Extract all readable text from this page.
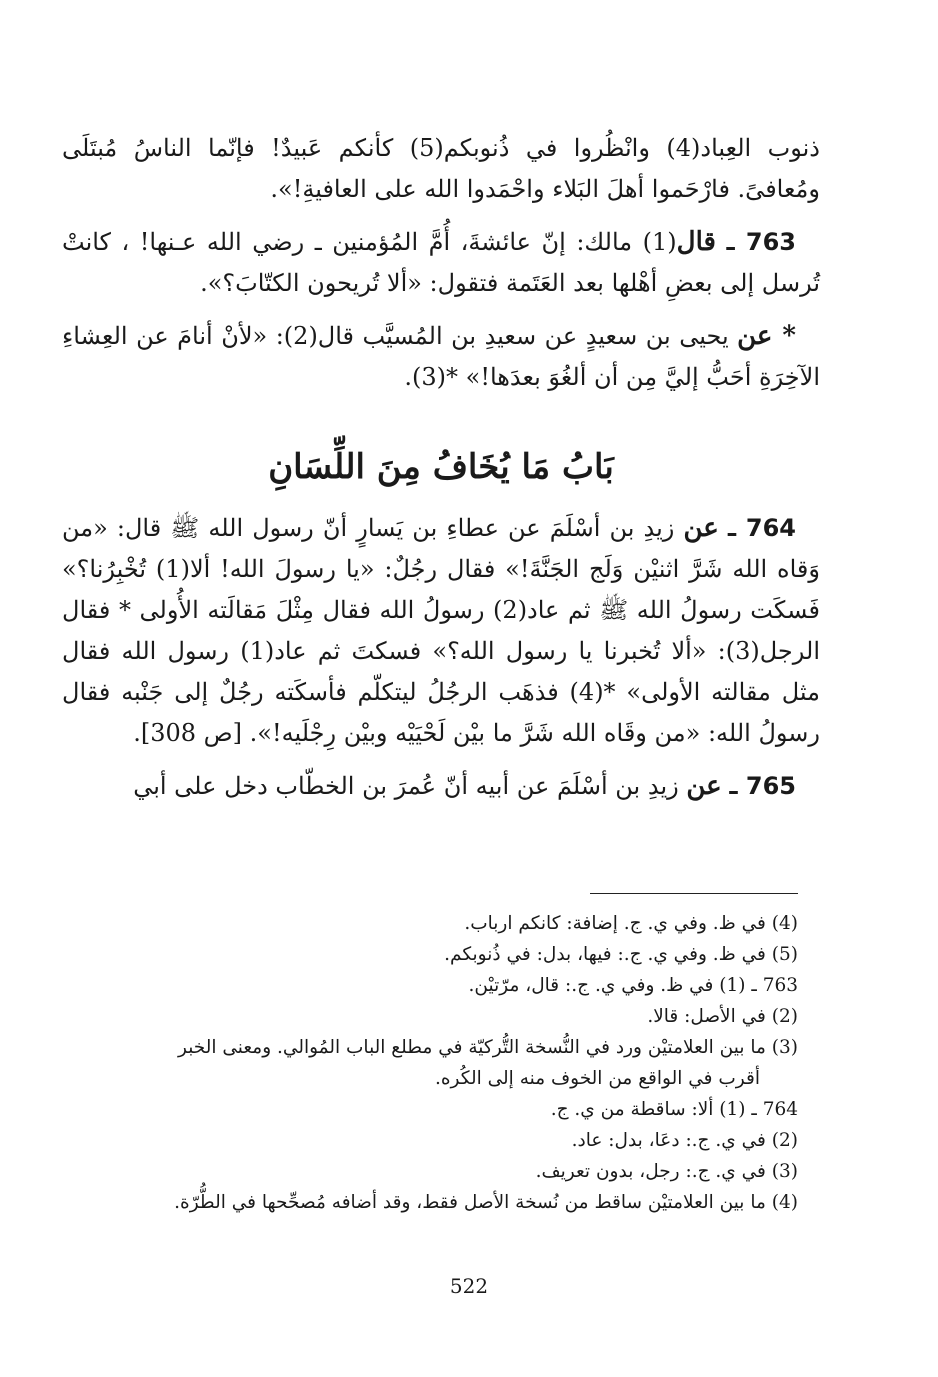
ذنوب العِباد(4) وانْظُروا في ذُنوبكم(5) كأنكم عَبيدٌ! فإنّما الناسُ مُبتَلَى ومُعافىً. فارْحَموا أهلَ البَلاء واحْمَدوا الله على العافيةِ!».

763 ـ قال(1) مالك: إنّ عائشةَ، أُمَّ المُؤمنين ـ رضي الله عـنها! ، كانتْ تُرسل إلى بعضِ أهْلها بعد العَتَمة فتقول: «ألا تُريحون الكتّابَ؟».

* عن يحيى بن سعيدٍ عن سعيدِ بن المُسيَّب قال(2): «لأنْ أنامَ عن العِشاءِ الآخِرَةِ أحَبُّ إليَّ مِن أن ألغُوَ بعدَها!» *(3).

بَابُ مَا يُخَافُ مِنَ اللِّسَانِ

764 ـ عن زيدِ بن أسْلَمَ عن عطاءِ بن يَسارٍ أنّ رسول الله ﷺ قال: «من وَقاه الله شَرَّ اثنيْن وَلَج الجَنَّةَ!» فقال رجُلٌ: «يا رسولَ الله! ألا(1) تُخْبِرُنا؟» فَسكَت رسولُ الله ﷺ ثم عاد(2) رسولُ الله فقال مِثْلَ مَقالَته الأُولى * فقال الرجل(3): «ألا تُخبرنا يا رسول الله؟» فسكتَ ثم عاد(1) رسول الله فقال مثل مقالته الأولى» *(4) فذهَب الرجُلُ ليتكلّم فأسكَته رجُلٌ إلى جَنْبه فقال رسولُ الله: «من وقَاه الله شَرَّ ما بيْن لَحْيَيْه وبيْن رِجْلَيه!». [ص 308].

765 ـ عن زيدِ بن أسْلَمَ عن أبيه أنّ عُمرَ بن الخطّاب دخل على أبي

(4) في ظ. وفي ي. ج. إضافة: كانكم ارباب.

(5) في ظ. وفي ي. ج.: فيها، بدل: في ذُنوبكم.

763 ـ (1) في ظ. وفي ي. ج.: قال، مرّتيْن.

(2) في الأصل: قالا.

(3) ما بين العلامتيْن ورد في النُّسخة التُّركيّة في مطلع الباب المُوالي. ومعنى الخبر

أقرب في الواقع من الخوف منه إلى الكُره.

764 ـ (1) ألا: ساقطة من ي. ج.

(2) في ي. ج.: دعَا، بدل: عاد.

(3) في ي. ج.: رجل، بدون تعريف.

(4) ما بين العلامتيْن ساقط من نُسخة الأصل فقط، وقد أضافه مُصحِّحها في الطُّرّة.

522
